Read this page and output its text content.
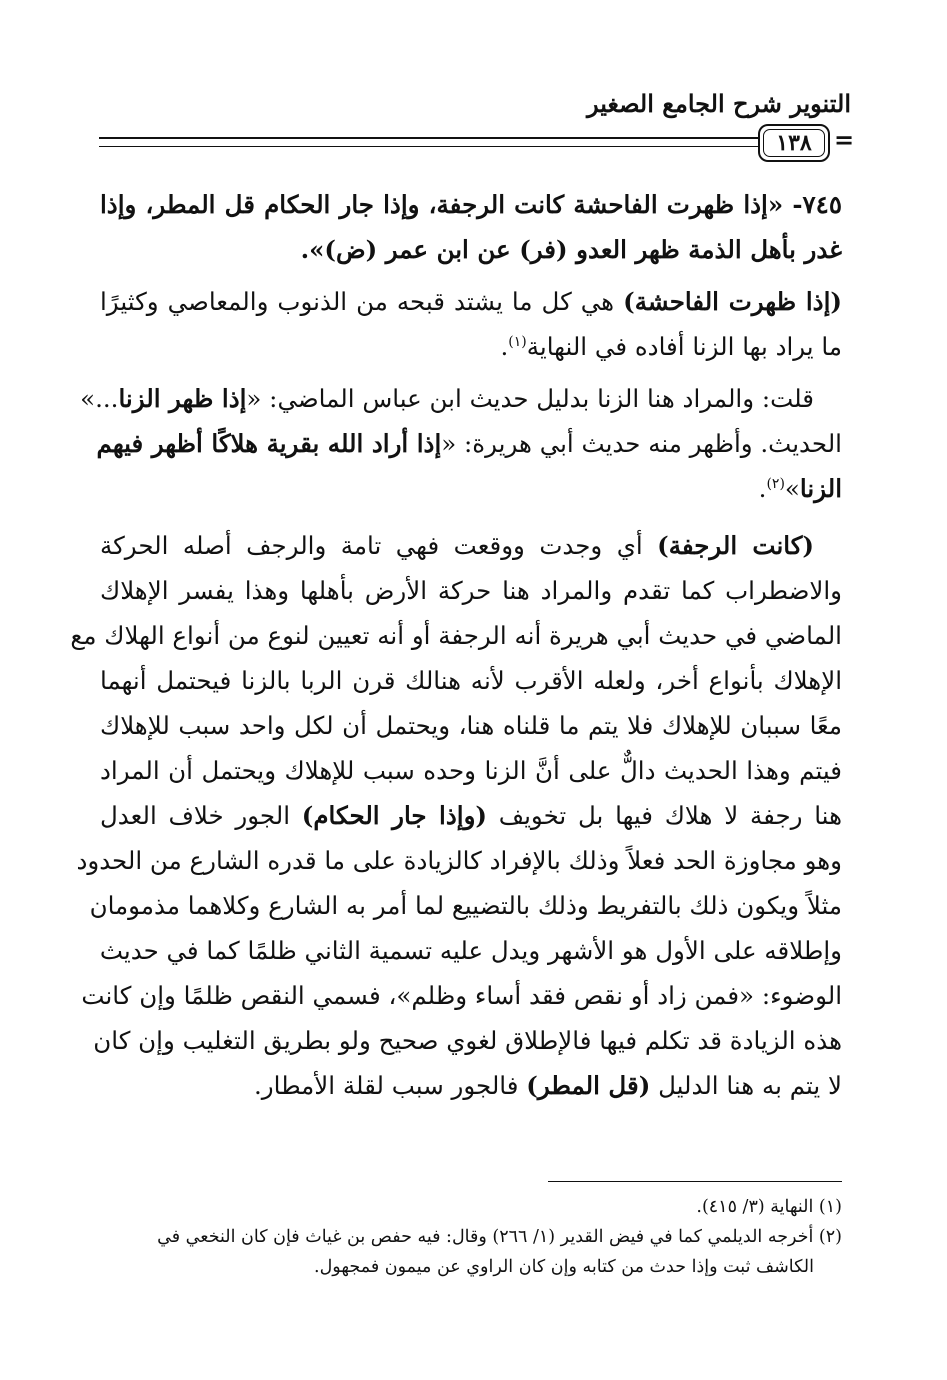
التنوير شرح الجامع الصغير
١٣٨ =
٧٤٥- «إذا ظهرت الفاحشة كانت الرجفة، وإذا جار الحكام قل المطر، وإذا
غدر بأهل الذمة ظهر العدو (فر) عن ابن عمر (ض)».
(إذا ظهرت الفاحشة) هي كل ما يشتد قبحه من الذنوب والمعاصي وكثيرًا
ما يراد بها الزنا أفاده في النهاية$^{(١)}$.
قلت: والمراد هنا الزنا بدليل حديث ابن عباس الماضي: «إذا ظهر الزنا...»
الحديث. وأظهر منه حديث أبي هريرة: «إذا أراد الله بقرية هلاكًا أظهر فيهم
الزنا»$^{(٢)}$.
(كانت الرجفة) أي وجدت ووقعت فهي تامة والرجف أصله الحركة
والاضطراب كما تقدم والمراد هنا حركة الأرض بأهلها وهذا يفسر الإهلاك
الماضي في حديث أبي هريرة أنه الرجفة أو أنه تعيين لنوع من أنواع الهلاك مع
الإهلاك بأنواع أخر، ولعله الأقرب لأنه هنالك قرن الربا بالزنا فيحتمل أنهما
معًا سببان للإهلاك فلا يتم ما قلناه هنا، ويحتمل أن لكل واحد سبب للإهلاك
فيتم وهذا الحديث دالٌّ على أنَّ الزنا وحده سبب للإهلاك ويحتمل أن المراد
هنا رجفة لا هلاك فيها بل تخويف (وإذا جار الحكام) الجور خلاف العدل
وهو مجاوزة الحد فعلاً وذلك بالإفراد كالزيادة على ما قدره الشارع من الحدود
مثلاً ويكون ذلك بالتفريط وذلك بالتضييع لما أمر به الشارع وكلاهما مذمومان
وإطلاقه على الأول هو الأشهر ويدل عليه تسمية الثاني ظلمًا كما في حديث
الوضوء: «فمن زاد أو نقص فقد أساء وظلم»، فسمي النقص ظلمًا وإن كانت
هذه الزيادة قد تكلم فيها فالإطلاق لغوي صحيح ولو بطريق التغليب وإن كان
لا يتم به هنا الدليل (قل المطر) فالجور سبب لقلة الأمطار.
(١) النهاية (٣/ ٤١٥).
(٢) أخرجه الديلمي كما في فيض القدير (١/ ٢٦٦) وقال: فيه حفص بن غياث فإن كان النخعي في
الكاشف ثبت وإذا حدث من كتابه وإن كان الراوي عن ميمون فمجهول.
